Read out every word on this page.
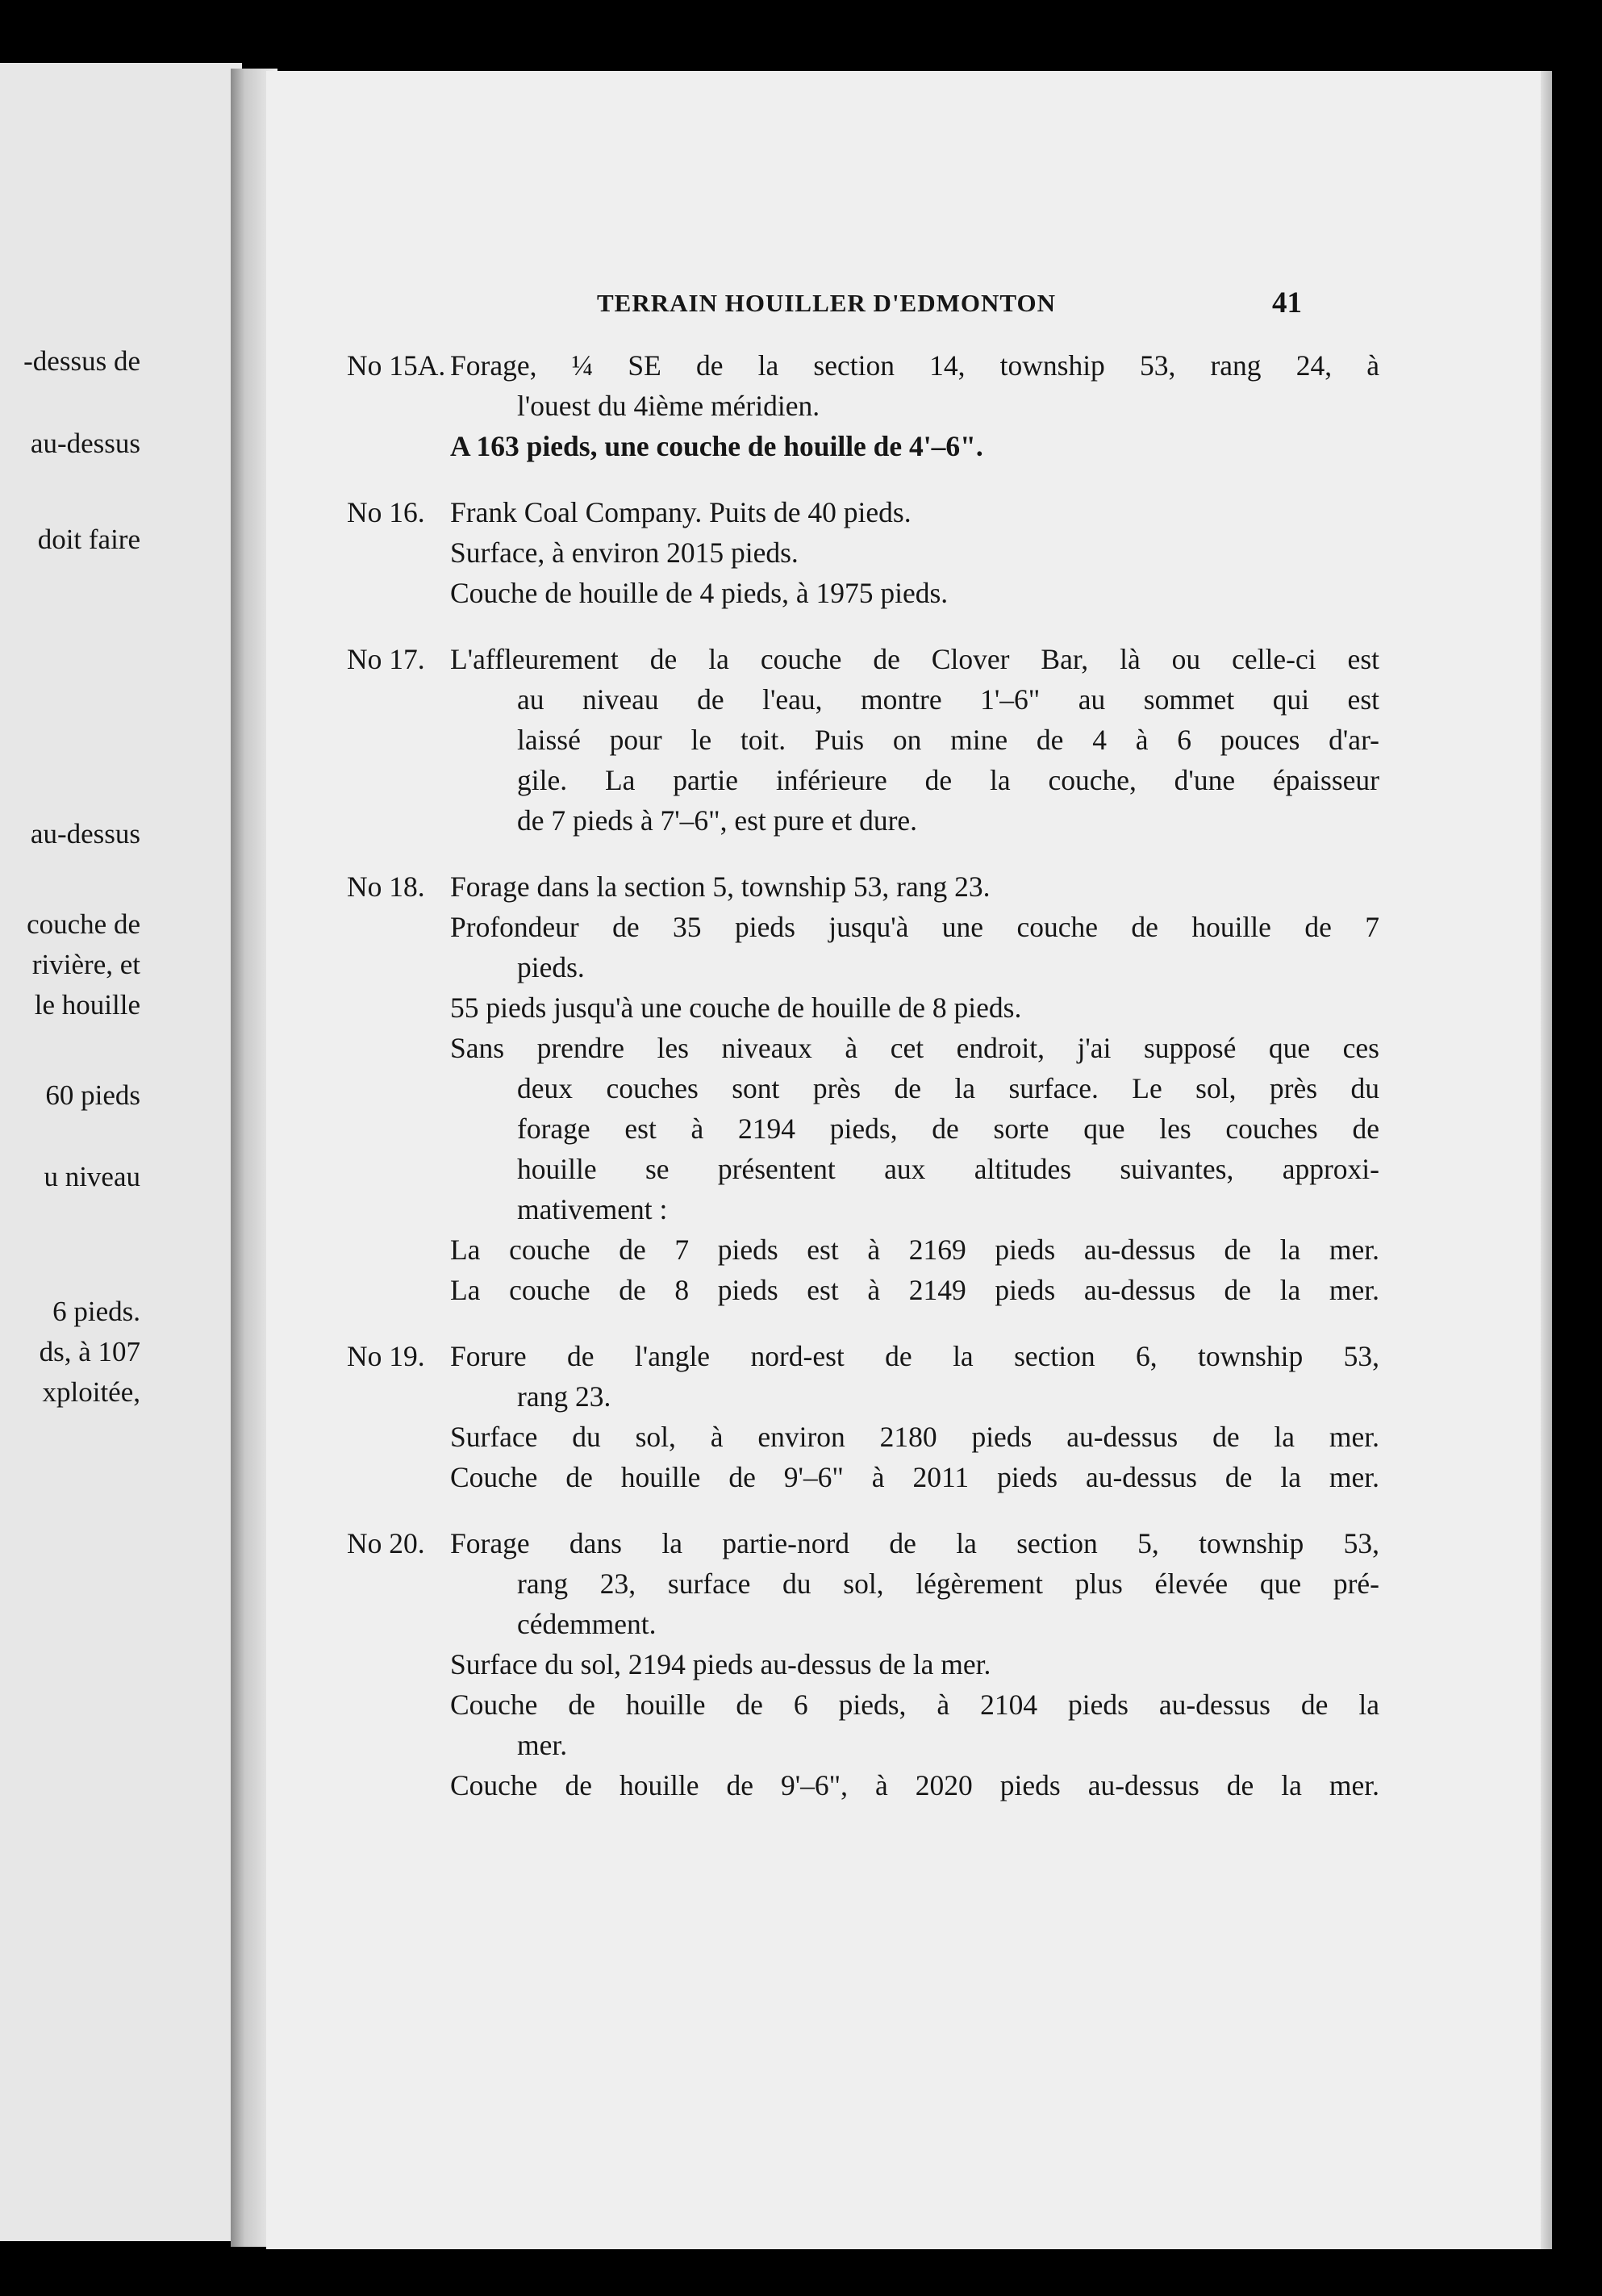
-dessus de
au-dessus
doit faire
au-dessus
couche de
rivière, et
le houille
60 pieds
u niveau
6 pieds.
ds, à 107
xploitée,
TERRAIN HOUILLER D'EDMONTON	41
No 15A. Forage, ¼ SE de la section 14, township 53, rang 24, à
l'ouest du 4ième méridien.
A 163 pieds, une couche de houille de 4'–6".
No 16. Frank Coal Company. Puits de 40 pieds.
Surface, à environ 2015 pieds.
Couche de houille de 4 pieds, à 1975 pieds.
No 17. L'affleurement de la couche de Clover Bar, là ou celle-ci est
au niveau de l'eau, montre 1'–6" au sommet qui est
laissé pour le toit. Puis on mine de 4 à 6 pouces d'ar-
gile. La partie inférieure de la couche, d'une épaisseur
de 7 pieds à 7'–6", est pure et dure.
No 18. Forage dans la section 5, township 53, rang 23.
Profondeur de 35 pieds jusqu'à une couche de houille de 7
pieds.
55 pieds jusqu'à une couche de houille de 8 pieds.
Sans prendre les niveaux à cet endroit, j'ai supposé que ces
deux couches sont près de la surface. Le sol, près du
forage est à 2194 pieds, de sorte que les couches de
houille se présentent aux altitudes suivantes, approxi-
mativement :
La couche de 7 pieds est à 2169 pieds au-dessus de la mer.
La couche de 8 pieds est à 2149 pieds au-dessus de la mer.
No 19. Forure de l'angle nord-est de la section 6, township 53,
rang 23.
Surface du sol, à environ 2180 pieds au-dessus de la mer.
Couche de houille de 9'–6" à 2011 pieds au-dessus de la mer.
No 20. Forage dans la partie-nord de la section 5, township 53,
rang 23, surface du sol, légèrement plus élevée que pré-
cédemment.
Surface du sol, 2194 pieds au-dessus de la mer.
Couche de houille de 6 pieds, à 2104 pieds au-dessus de la
mer.
Couche de houille de 9'–6", à 2020 pieds au-dessus de la mer.
